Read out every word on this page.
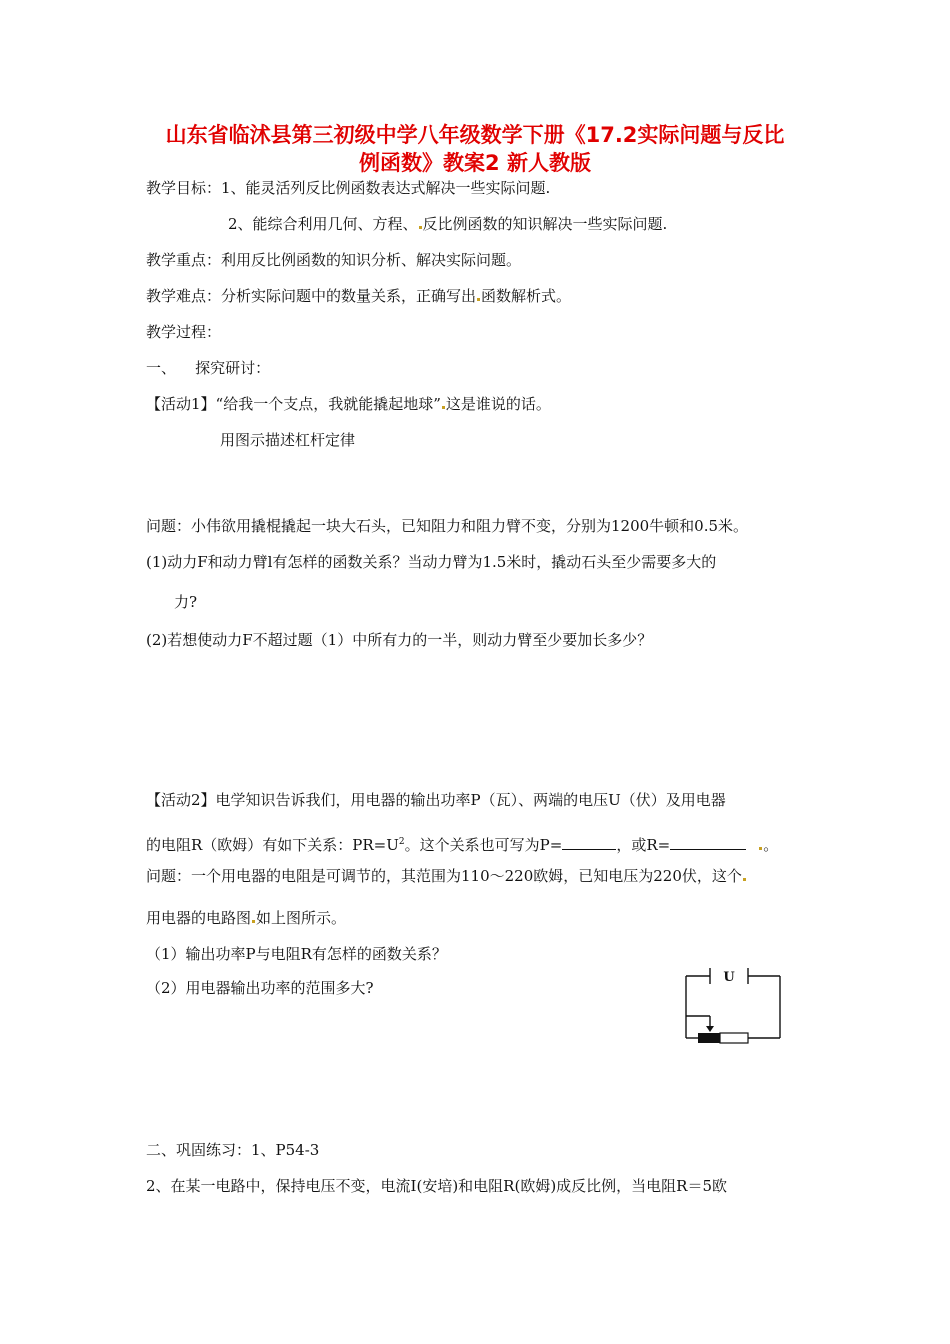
山东省临沭县第三初级中学八年级数学下册《17.2实际问题与反比
例函数》教案2 新人教版
教学目标：1、能灵活列反比例函数表达式解决一些实际问题.
2、能综合利用几何、方程、 反比例函数的知识解决一些实际问题.
教学重点：利用反比例函数的知识分析、解决实际问题。
教学难点：分析实际问题中的数量关系，正确写出 函数解析式。
教学过程：
一、    探究研讨：
【活动1】“给我一个支点，我就能撬起地球” 这是谁说的话。
用图示描述杠杆定律
问题：小伟欲用撬棍撬起一块大石头，已知阻力和阻力臂不变，分别为1200牛顿和0.5米。
(1)动力F和动力臂l有怎样的函数关系？当动力臂为1.5米时，撬动石头至少需要多大的
力?
(2)若想使动力F不超过题（1）中所有力的一半，则动力臂至少要加长多少？
【活动2】电学知识告诉我们，用电器的输出功率P（瓦）、两端的电压U（伏）及用电器
的电阻R（欧姆）有如下关系：$PR=U^2$。这个关系也可写为P=	，或R=	。
问题：一个用电器的电阻是可调节的，其范围为110～220欧姆，已知电压为220伏，这个
用电器的电路图 如上图所示。
（1）输出功率P与电阻R有怎样的函数关系？
（2）用电器输出功率的范围多大?
U
二、巩固练习：1、P54-3
2、在某一电路中，保持电压不变，电流I(安培)和电阻R(欧姆)成反比例，当电阻R＝5欧
